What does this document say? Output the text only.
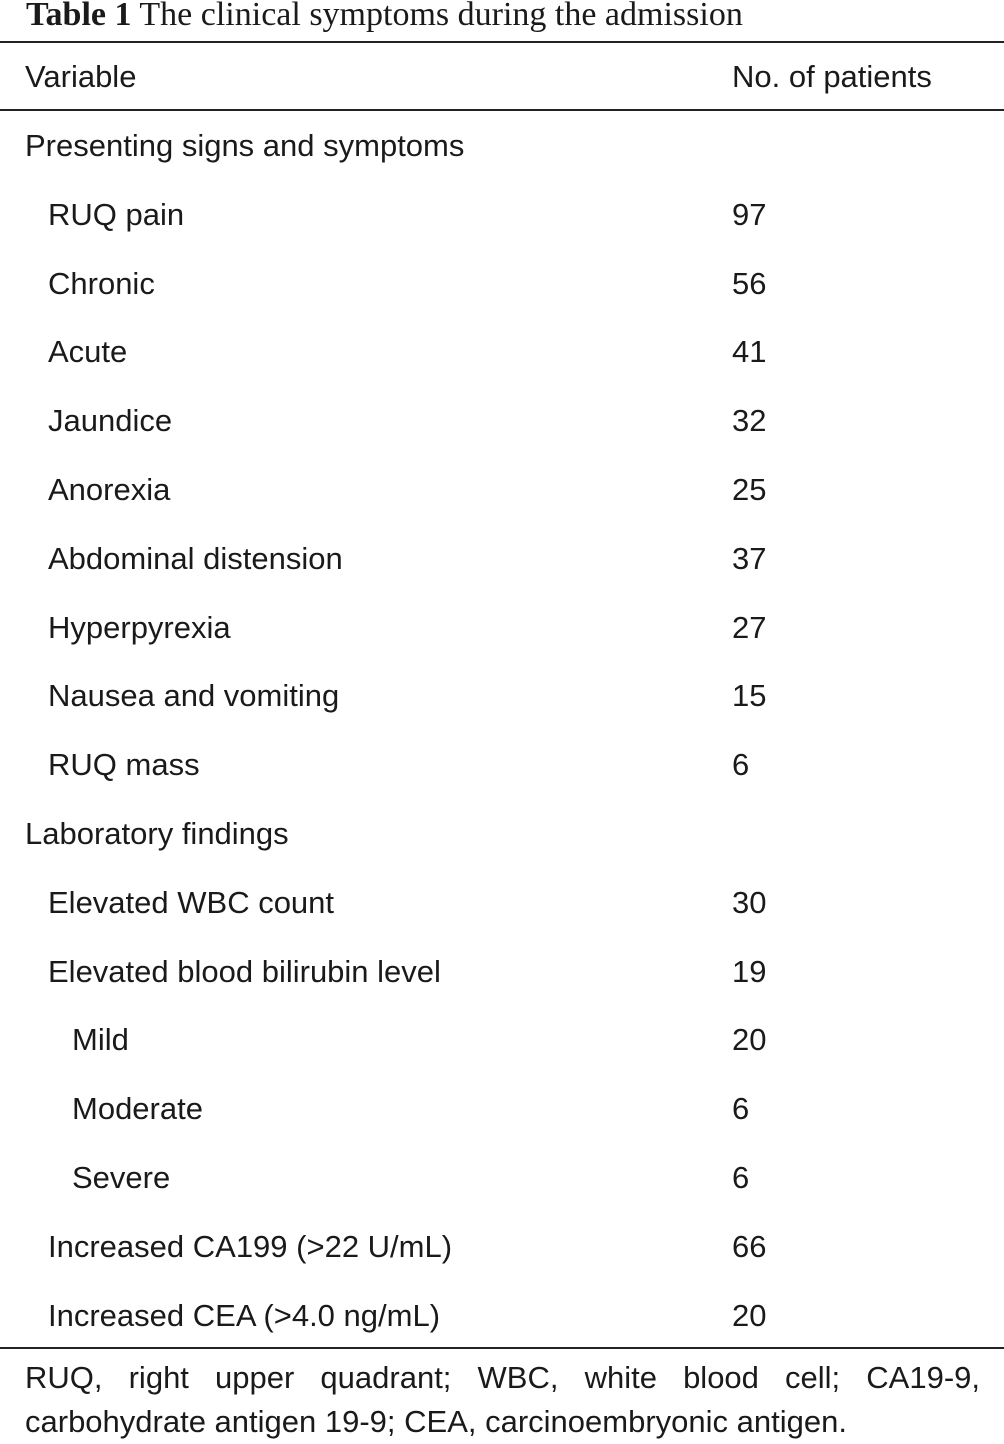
Table 1 The clinical symptoms during the admission
Variable	No. of patients
Presenting signs and symptoms
RUQ pain	97
Chronic	56
Acute	41
Jaundice	32
Anorexia	25
Abdominal distension	37
Hyperpyrexia	27
Nausea and vomiting	15
RUQ mass	6
Laboratory findings
Elevated WBC count	30
Elevated blood bilirubin level	19
Mild	20
Moderate	6
Severe	6
Increased CA199 (>22 U/mL)	66
Increased CEA (>4.0 ng/mL)	20
RUQ, right upper quadrant; WBC, white blood cell; CA19-9, carbohydrate antigen 19-9; CEA, carcinoembryonic antigen.
